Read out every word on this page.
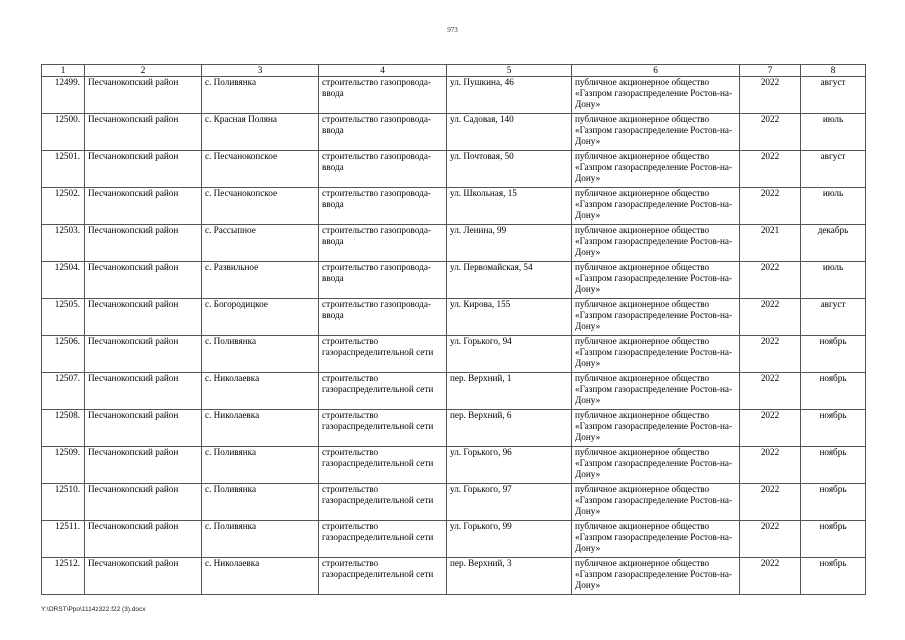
973
1	2	3	4	5	6	7	8
12499.	Песчанокопский район	с. Поливянка	строительство газопровода-ввода	ул. Пушкина, 46	публичное акционерное общество «Газпром газораспределение Ростов-на-Дону»	2022	август
12500.	Песчанокопский район	с. Красная Поляна	строительство газопровода-ввода	ул. Садовая, 140	публичное акционерное общество «Газпром газораспределение Ростов-на-Дону»	2022	июль
12501.	Песчанокопский район	с. Песчанокопское	строительство газопровода-ввода	ул. Почтовая, 50	публичное акционерное общество «Газпром газораспределение Ростов-на-Дону»	2022	август
12502.	Песчанокопский район	с. Песчанокопское	строительство газопровода-ввода	ул. Школьная, 15	публичное акционерное общество «Газпром газораспределение Ростов-на-Дону»	2022	июль
12503.	Песчанокопский район	с. Рассыпное	строительство газопровода-ввода	ул. Ленина, 99	публичное акционерное общество «Газпром газораспределение Ростов-на-Дону»	2021	декабрь
12504.	Песчанокопский район	с. Развильное	строительство газопровода-ввода	ул. Первомайская, 54	публичное акционерное общество «Газпром газораспределение Ростов-на-Дону»	2022	июль
12505.	Песчанокопский район	с. Богородицкое	строительство газопровода-ввода	ул. Кирова, 155	публичное акционерное общество «Газпром газораспределение Ростов-на-Дону»	2022	август
12506.	Песчанокопский район	с. Поливянка	строительство газораспределительной сети	ул. Горького, 94	публичное акционерное общество «Газпром газораспределение Ростов-на-Дону»	2022	ноябрь
12507.	Песчанокопский район	с. Николаевка	строительство газораспределительной сети	пер. Верхний, 1	публичное акционерное общество «Газпром газораспределение Ростов-на-Дону»	2022	ноябрь
12508.	Песчанокопский район	с. Николаевка	строительство газораспределительной сети	пер. Верхний, 6	публичное акционерное общество «Газпром газораспределение Ростов-на-Дону»	2022	ноябрь
12509.	Песчанокопский район	с. Поливянка	строительство газораспределительной сети	ул. Горького, 96	публичное акционерное общество «Газпром газораспределение Ростов-на-Дону»	2022	ноябрь
12510.	Песчанокопский район	с. Поливянка	строительство газораспределительной сети	ул. Горького, 97	публичное акционерное общество «Газпром газораспределение Ростов-на-Дону»	2022	ноябрь
12511.	Песчанокопский район	с. Поливянка	строительство газораспределительной сети	ул. Горького, 99	публичное акционерное общество «Газпром газораспределение Ростов-на-Дону»	2022	ноябрь
12512.	Песчанокопский район	с. Николаевка	строительство газораспределительной сети	пер. Верхний, 3	публичное акционерное общество «Газпром газораспределение Ростов-на-Дону»	2022	ноябрь
Y:\ORST\Ppo\1114z322.f22 (3).docx
